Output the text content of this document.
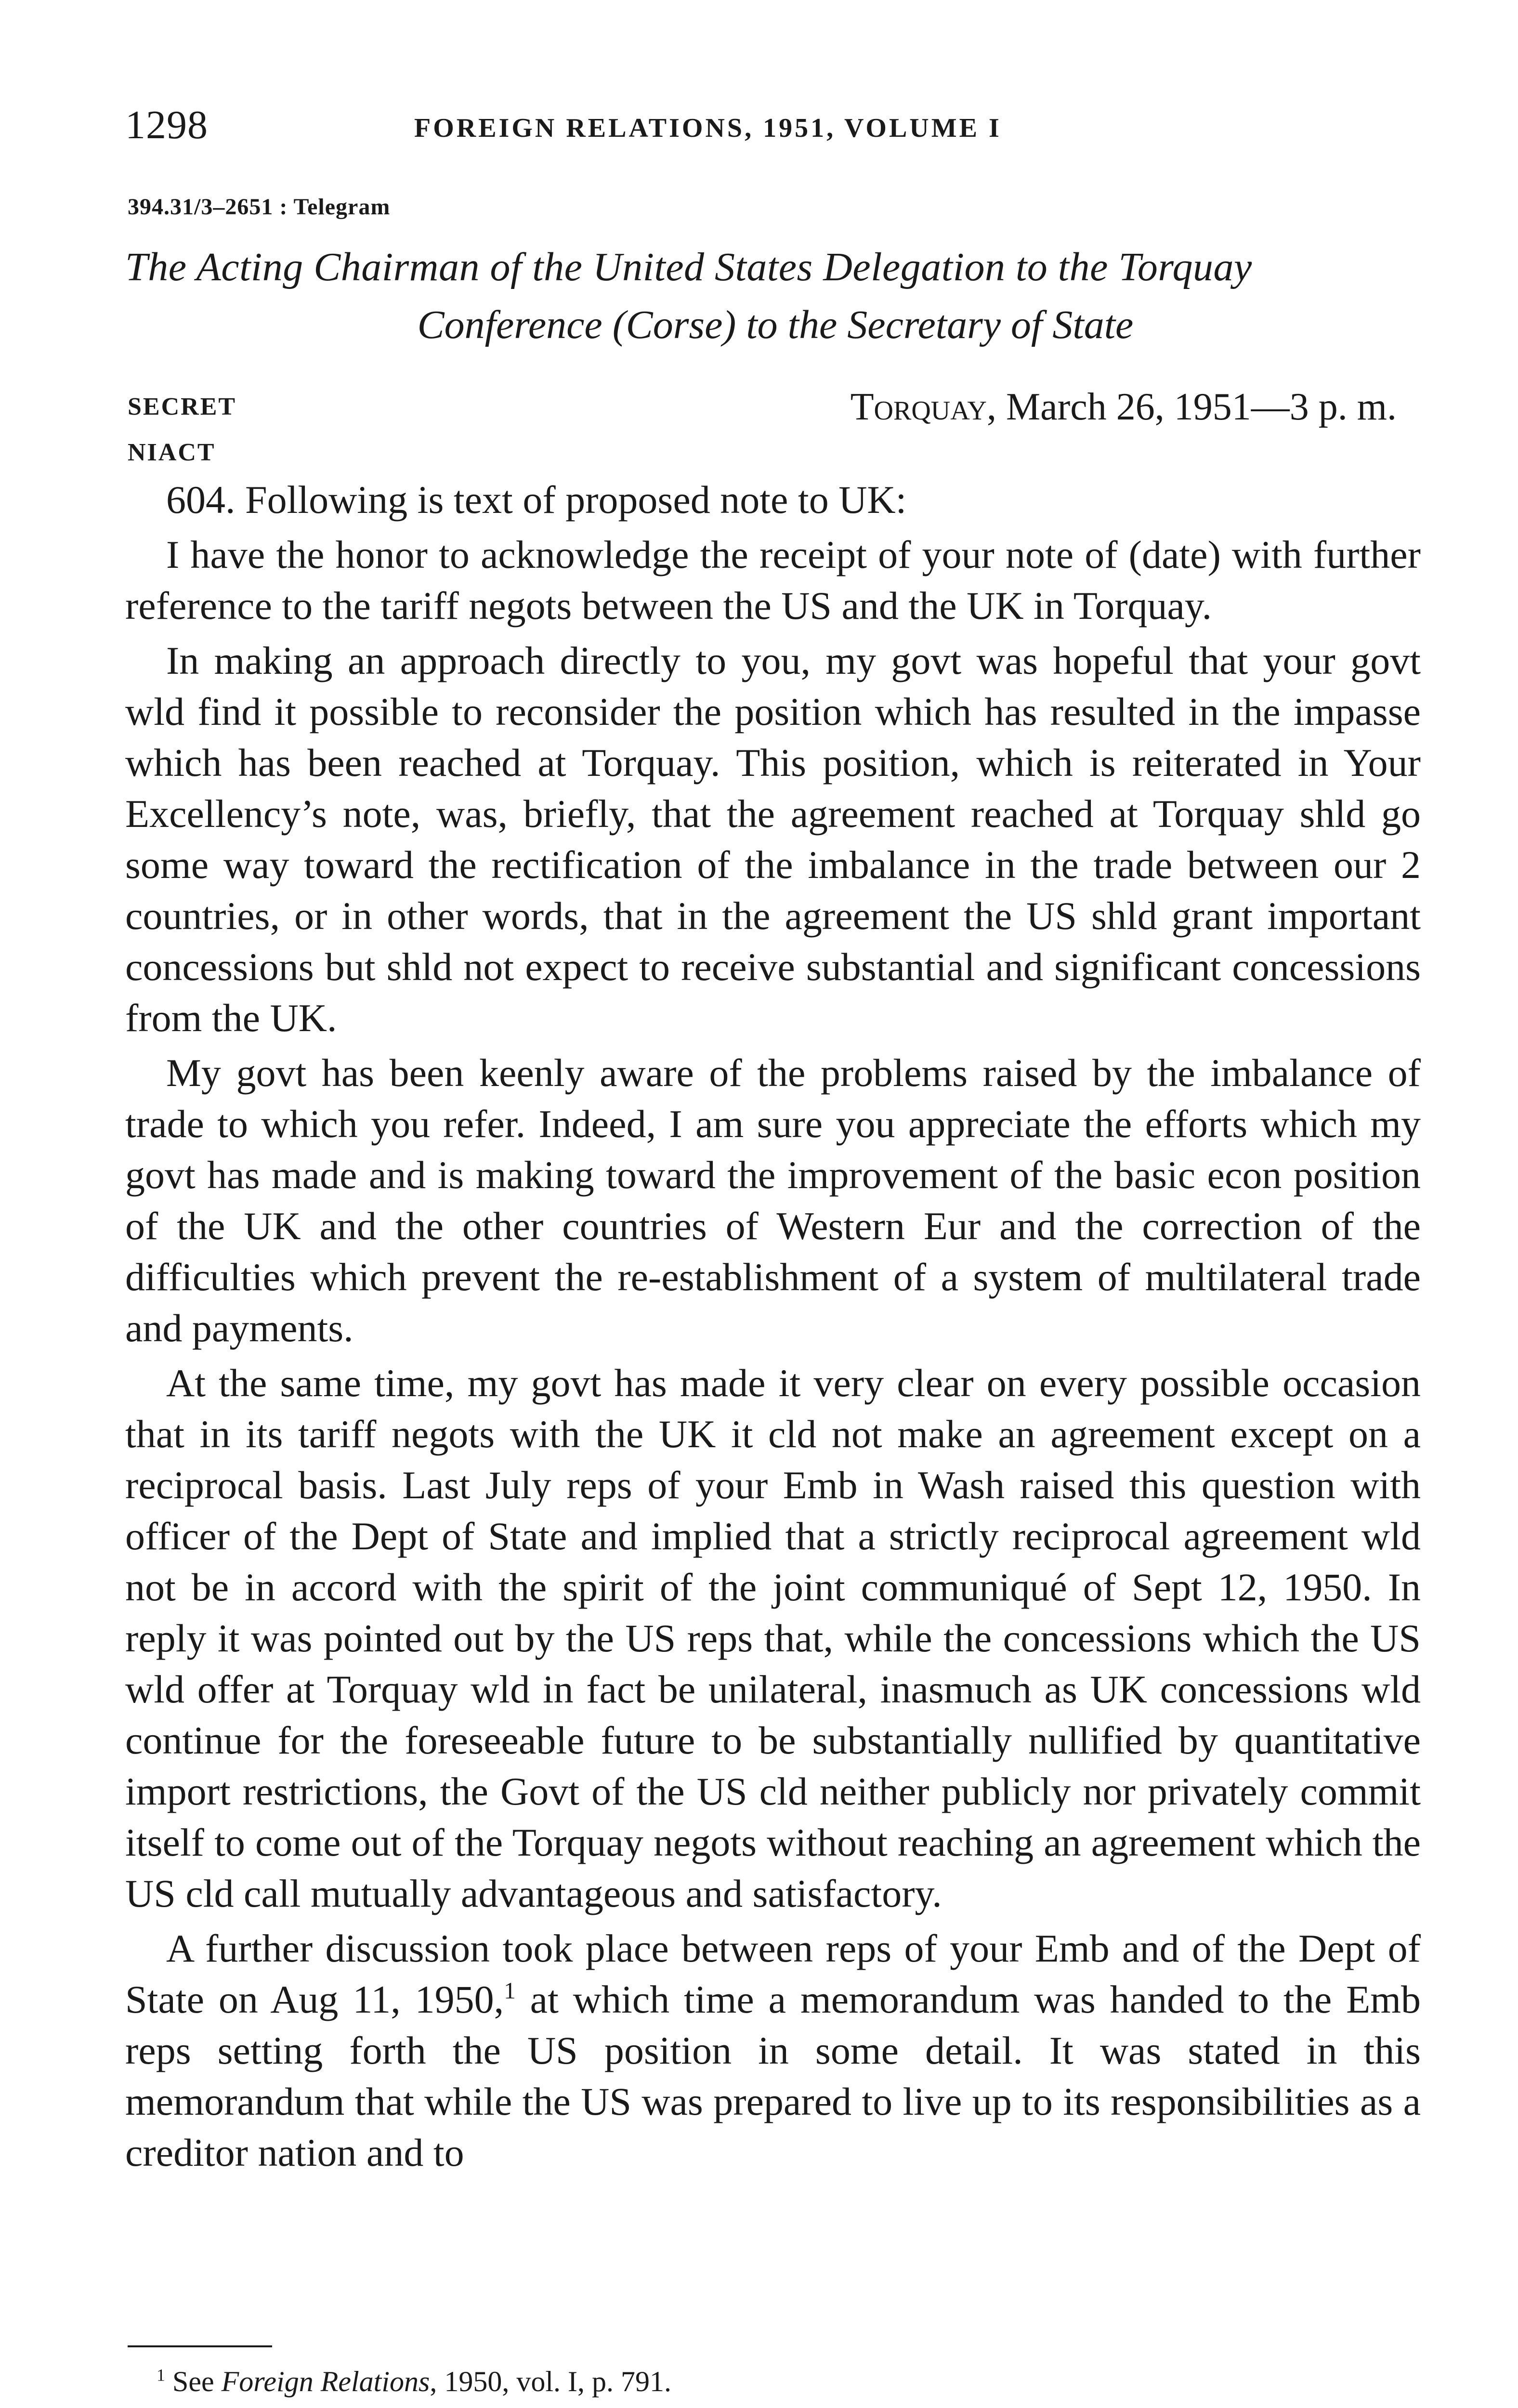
1298	FOREIGN RELATIONS, 1951, VOLUME I
394.31/3–2651 : Telegram
The Acting Chairman of the United States Delegation to the Torquay
Conference (Corse) to the Secretary of State
SECRET
NIACT
Torquay, March 26, 1951—3 p. m.

604. Following is text of proposed note to UK:

I have the honor to acknowledge the receipt of your note of (date) with further reference to the tariff negots between the US and the UK in Torquay.

In making an approach directly to you, my govt was hopeful that your govt wld find it possible to reconsider the position which has resulted in the impasse which has been reached at Torquay. This position, which is reiterated in Your Excellency’s note, was, briefly, that the agreement reached at Torquay shld go some way toward the rectification of the imbalance in the trade between our 2 countries, or in other words, that in the agreement the US shld grant important concessions but shld not expect to receive substantial and significant concessions from the UK.

My govt has been keenly aware of the problems raised by the imbalance of trade to which you refer. Indeed, I am sure you appreciate the efforts which my govt has made and is making toward the improvement of the basic econ position of the UK and the other countries of Western Eur and the correction of the difficulties which prevent the re-establishment of a system of multilateral trade and payments.

At the same time, my govt has made it very clear on every possible occasion that in its tariff negots with the UK it cld not make an agreement except on a reciprocal basis. Last July reps of your Emb in Wash raised this question with officer of the Dept of State and implied that a strictly reciprocal agreement wld not be in accord with the spirit of the joint communiqué of Sept 12, 1950. In reply it was pointed out by the US reps that, while the concessions which the US wld offer at Torquay wld in fact be unilateral, inasmuch as UK concessions wld continue for the foreseeable future to be substantially nullified by quantitative import restrictions, the Govt of the US cld neither publicly nor privately commit itself to come out of the Torquay negots without reaching an agreement which the US cld call mutually advantageous and satisfactory.

A further discussion took place between reps of your Emb and of the Dept of State on Aug 11, 1950,$^1$ at which time a memorandum was handed to the Emb reps setting forth the US position in some detail. It was stated in this memorandum that while the US was prepared to live up to its responsibilities as a creditor nation and to

$^1$ See Foreign Relations, 1950, vol. I, p. 791.
